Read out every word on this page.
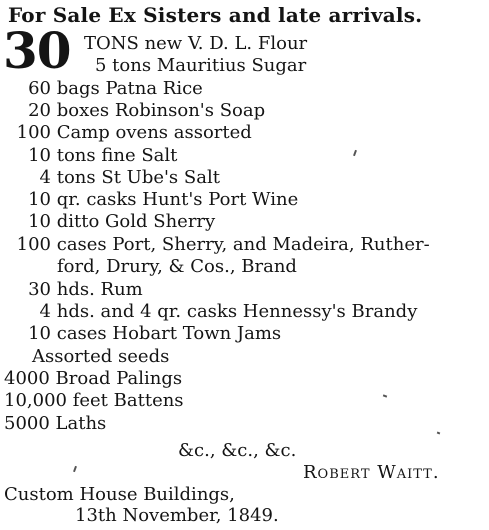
For Sale Ex Sisters and late arrivals.
30 TONS new V. D. L. Flour
5 tons Mauritius Sugar
60 bags Patna Rice
20 boxes Robinson's Soap
100 Camp ovens assorted
10 tons fine Salt
4 tons St Ube's Salt
10 qr. casks Hunt's Port Wine
10 ditto Gold Sherry
100 cases Port, Sherry, and Madeira, Ruther-
ford, Drury, & Cos., Brand
30 hds. Rum
4 hds. and 4 qr. casks Hennessy's Brandy
10 cases Hobart Town Jams
Assorted seeds
4000 Broad Palings
10,000 feet Battens
5000 Laths
&c., &c., &c.
Robert Waitt.
Custom House Buildings,
13th November, 1849.
